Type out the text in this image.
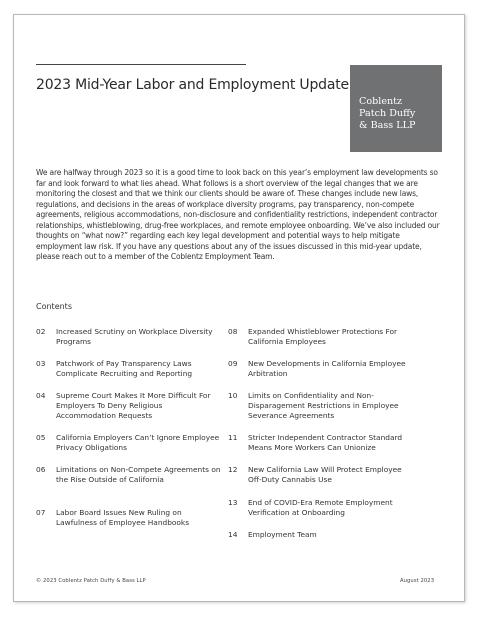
2023 Mid-Year Labor and Employment Update
Coblentz
Patch Duffy
& Bass LLP
We are halfway through 2023 so it is a good time to look back on this year’s employment law developments so far and look forward to what lies ahead. What follows is a short overview of the legal changes that we are monitoring the closest and that we think our clients should be aware of. These changes include new laws, regulations, and decisions in the areas of workplace diversity programs, pay transparency, non-compete agreements, religious accommodations, non-disclosure and confidentiality restrictions, independent contractor relationships, whistleblowing, drug-free workplaces, and remote employee onboarding. We’ve also included our thoughts on “what now?” regarding each key legal development and potential ways to help mitigate employment law risk. If you have any questions about any of the issues discussed in this mid-year update, please reach out to a member of the Coblentz Employment Team.
Contents
02	Increased Scrutiny on Workplace Diversity Programs
03	Patchwork of Pay Transparency Laws Complicate Recruiting and Reporting
04	Supreme Court Makes It More Difficult For Employers To Deny Religious Accommodation Requests
05	California Employers Can’t Ignore Employee Privacy Obligations
06	Limitations on Non-Compete Agreements on the Rise Outside of California
07	Labor Board Issues New Ruling on Lawfulness of Employee Handbooks
08	Expanded Whistleblower Protections For California Employees
09	New Developments in California Employee Arbitration
10	Limits on Confidentiality and Non-Disparagement Restrictions in Employee Severance Agreements
11	Stricter Independent Contractor Standard Means More Workers Can Unionize
12	New California Law Will Protect Employee Off-Duty Cannabis Use
13	End of COVID-Era Remote Employment Verification at Onboarding
14	Employment Team
© 2023 Coblentz Patch Duffy & Bass LLP	August 2023
